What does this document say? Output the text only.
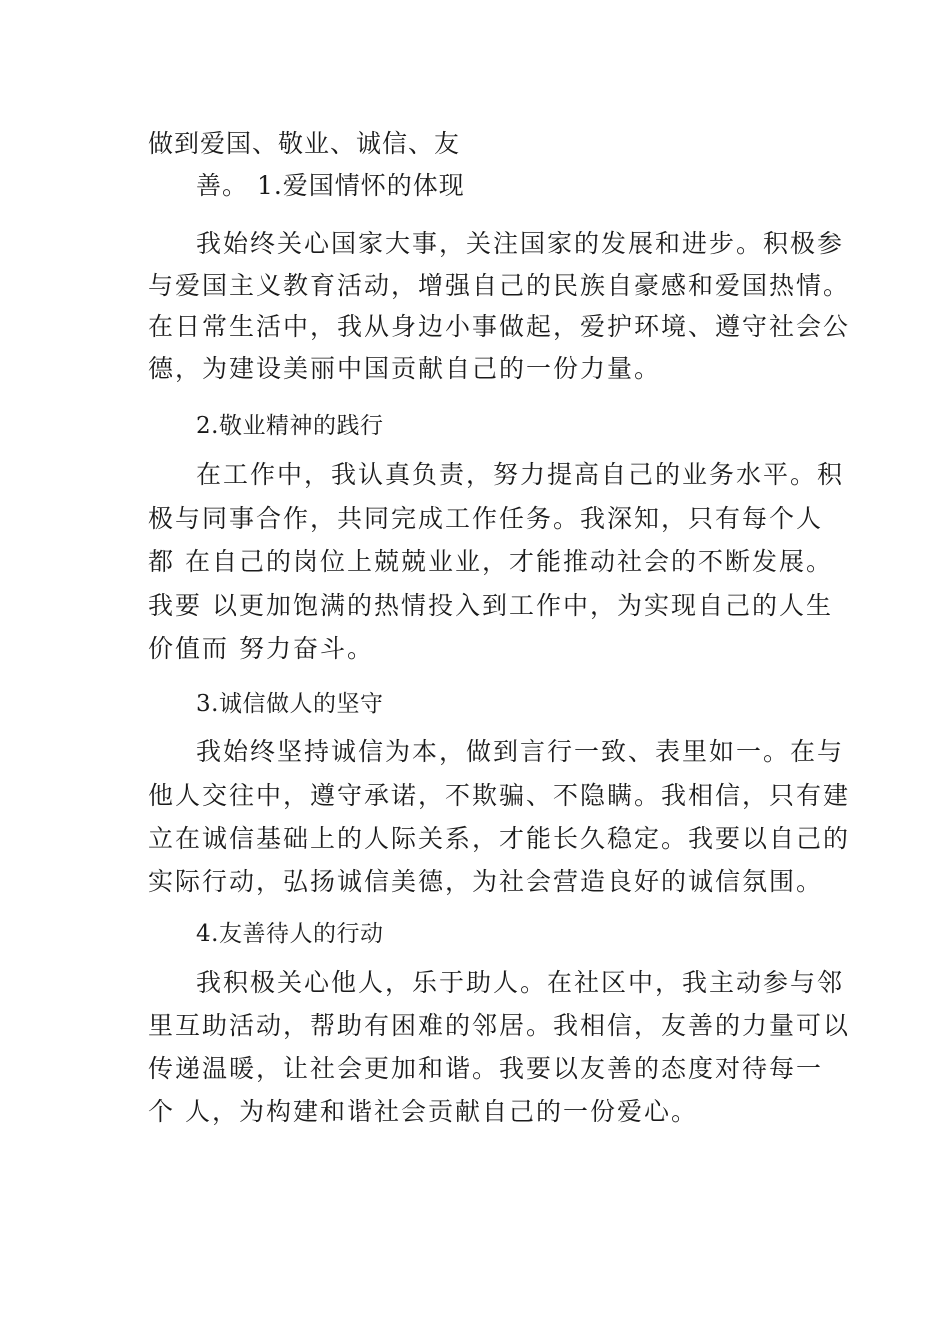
做到爱国、敬业、诚信、友
善。 1.爱国情怀的体现
我始终关心国家大事，关注国家的发展和进步。积极参
与爱国主义教育活动，增强自己的民族自豪感和爱国热情。
在日常生活中，我从身边小事做起，爱护环境、遵守社会公
德，为建设美丽中国贡献自己的一份力量。
2.敬业精神的践行
在工作中，我认真负责，努力提高自己的业务水平。积
极与同事合作，共同完成工作任务。我深知，只有每个人
都 在自己的岗位上兢兢业业，才能推动社会的不断发展。
我要 以更加饱满的热情投入到工作中，为实现自己的人生
价值而 努力奋斗。
3.诚信做人的坚守
我始终坚持诚信为本，做到言行一致、表里如一。在与
他人交往中，遵守承诺，不欺骗、不隐瞒。我相信，只有建
立在诚信基础上的人际关系，才能长久稳定。我要以自己的
实际行动，弘扬诚信美德，为社会营造良好的诚信氛围。
4.友善待人的行动
我积极关心他人，乐于助人。在社区中，我主动参与邻
里互助活动，帮助有困难的邻居。我相信，友善的力量可以
传递温暖，让社会更加和谐。我要以友善的态度对待每一
个 人，为构建和谐社会贡献自己的一份爱心。
